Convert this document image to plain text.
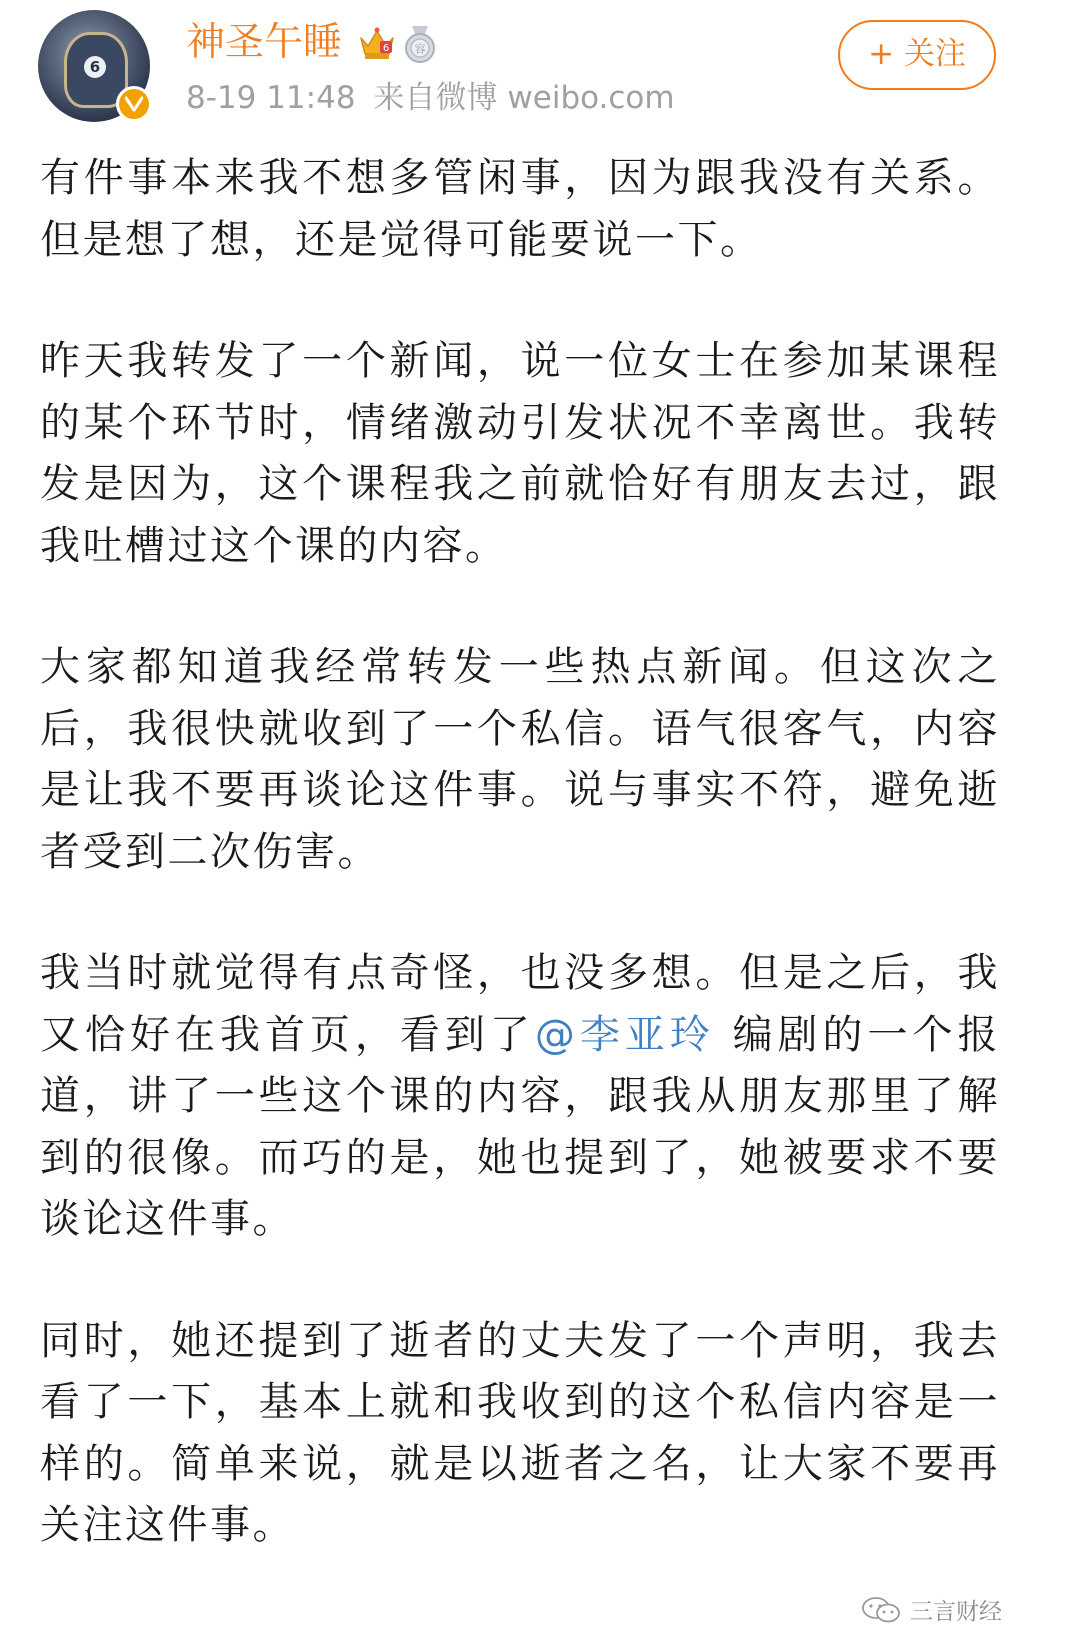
6
神圣午睡	6 容
8-19 11:48 来自微博 weibo.com
+ 关注

有件事本来我不想多管闲事，因为跟我没有关系。但是想了想，还是觉得可能要说一下。

昨天我转发了一个新闻，说一位女士在参加某课程的某个环节时，情绪激动引发状况不幸离世。我转发是因为，这个课程我之前就恰好有朋友去过，跟我吐槽过这个课的内容。

大家都知道我经常转发一些热点新闻。但这次之后，我很快就收到了一个私信。语气很客气，内容是让我不要再谈论这件事。说与事实不符，避免逝者受到二次伤害。

我当时就觉得有点奇怪，也没多想。但是之后，我又恰好在我首页，看到了@李亚玲 编剧的一个报道，讲了一些这个课的内容，跟我从朋友那里了解到的很像。而巧的是，她也提到了，她被要求不要谈论这件事。

同时，她还提到了逝者的丈夫发了一个声明，我去看了一下，基本上就和我收到的这个私信内容是一样的。简单来说，就是以逝者之名，让大家不要再关注这件事。

三言财经
